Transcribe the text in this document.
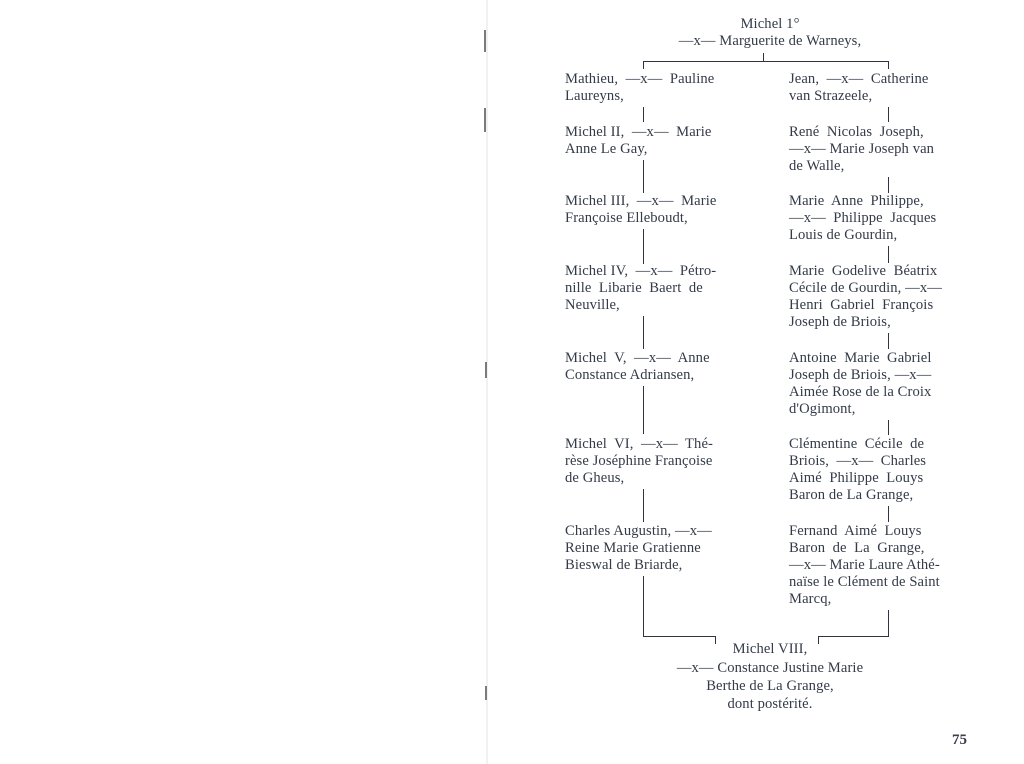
Michel 1°
—x— Marguerite de Warneys,
Mathieu,  —x—  Pauline
Laureyns,
Michel II,  —x—  Marie
Anne Le Gay,
Michel III,  —x—  Marie
Françoise Elleboudt,
Michel IV,  —x—  Pétro-
nille  Libarie  Baert  de
Neuville,
Michel  V,  —x—  Anne
Constance Adriansen,
Michel  VI,  —x—  Thé-
rèse Joséphine Françoise
de Gheus,
Charles Augustin, —x—
Reine Marie Gratienne
Bieswal de Briarde,
Jean,  —x—  Catherine
van Strazeele,
René  Nicolas  Joseph,
—x— Marie Joseph van
de Walle,
Marie  Anne  Philippe,
—x—  Philippe  Jacques
Louis de Gourdin,
Marie  Godelive  Béatrix
Cécile de Gourdin, —x—
Henri  Gabriel  François
Joseph de Briois,
Antoine  Marie  Gabriel
Joseph de Briois, —x—
Aimée Rose de la Croix
d'Ogimont,
Clémentine  Cécile  de
Briois,  —x—  Charles
Aimé  Philippe  Louys
Baron de La Grange,
Fernand  Aimé  Louys
Baron  de  La  Grange,
—x— Marie Laure Athé-
naïse le Clément de Saint
Marcq,
Michel VIII,
—x— Constance Justine Marie
Berthe de La Grange,
dont postérité.
75
